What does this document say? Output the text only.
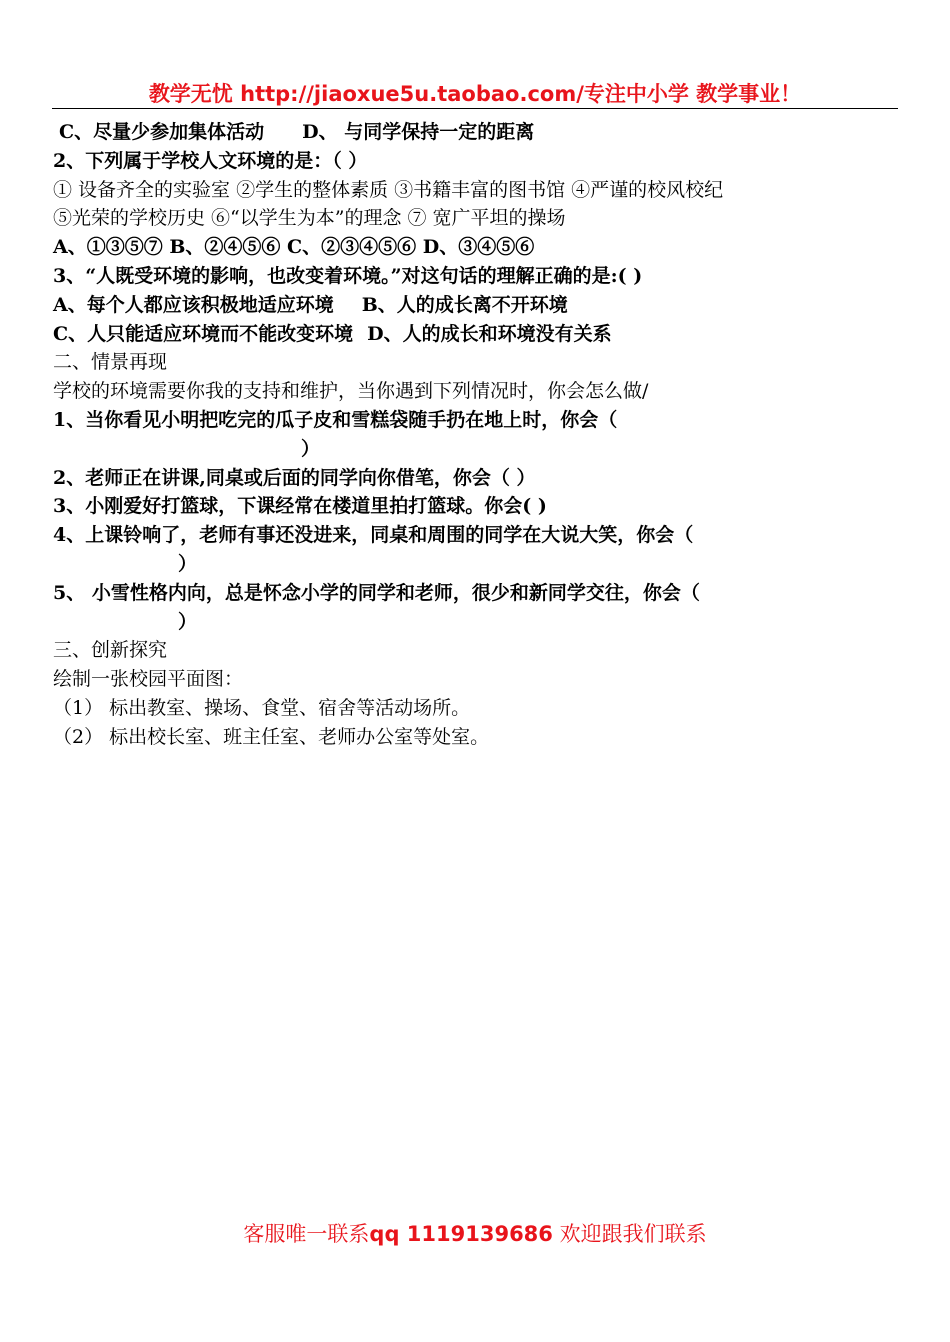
教学无忧 http://jiaoxue5u.taobao.com/专注中小学 教学事业！
C、尽量少参加集体活动 D、 与同学保持一定的距离
2、下列属于学校人文环境的是：（ ）
① 设备齐全的实验室 ②学生的整体素质 ③书籍丰富的图书馆 ④严谨的校风校纪
⑤光荣的学校历史 ⑥“以学生为本”的理念 ⑦ 宽广平坦的操场
A、①③⑤⑦ B、②④⑤⑥ C、②③④⑤⑥ D、③④⑤⑥
3、“人既受环境的影响，也改变着环境。”对这句话的理解正确的是:( )
A、每个人都应该积极地适应环境 B、人的成长离不开环境
C、人只能适应环境而不能改变环境 D、人的成长和环境没有关系
二、情景再现
学校的环境需要你我的支持和维护，当你遇到下列情况时，你会怎么做/
1、当你看见小明把吃完的瓜子皮和雪糕袋随手扔在地上时，你会（
）
2、老师正在讲课,同桌或后面的同学向你借笔，你会（ ）
3、小刚爱好打篮球，下课经常在楼道里拍打篮球。你会( )
4、上课铃响了，老师有事还没进来，同桌和周围的同学在大说大笑，你会（
）
5、 小雪性格内向，总是怀念小学的同学和老师，很少和新同学交往，你会（
）
三、创新探究
绘制一张校园平面图：
（1） 标出教室、操场、食堂、宿舍等活动场所。
（2） 标出校长室、班主任室、老师办公室等处室。
客服唯一联系qq 1119139686 欢迎跟我们联系
